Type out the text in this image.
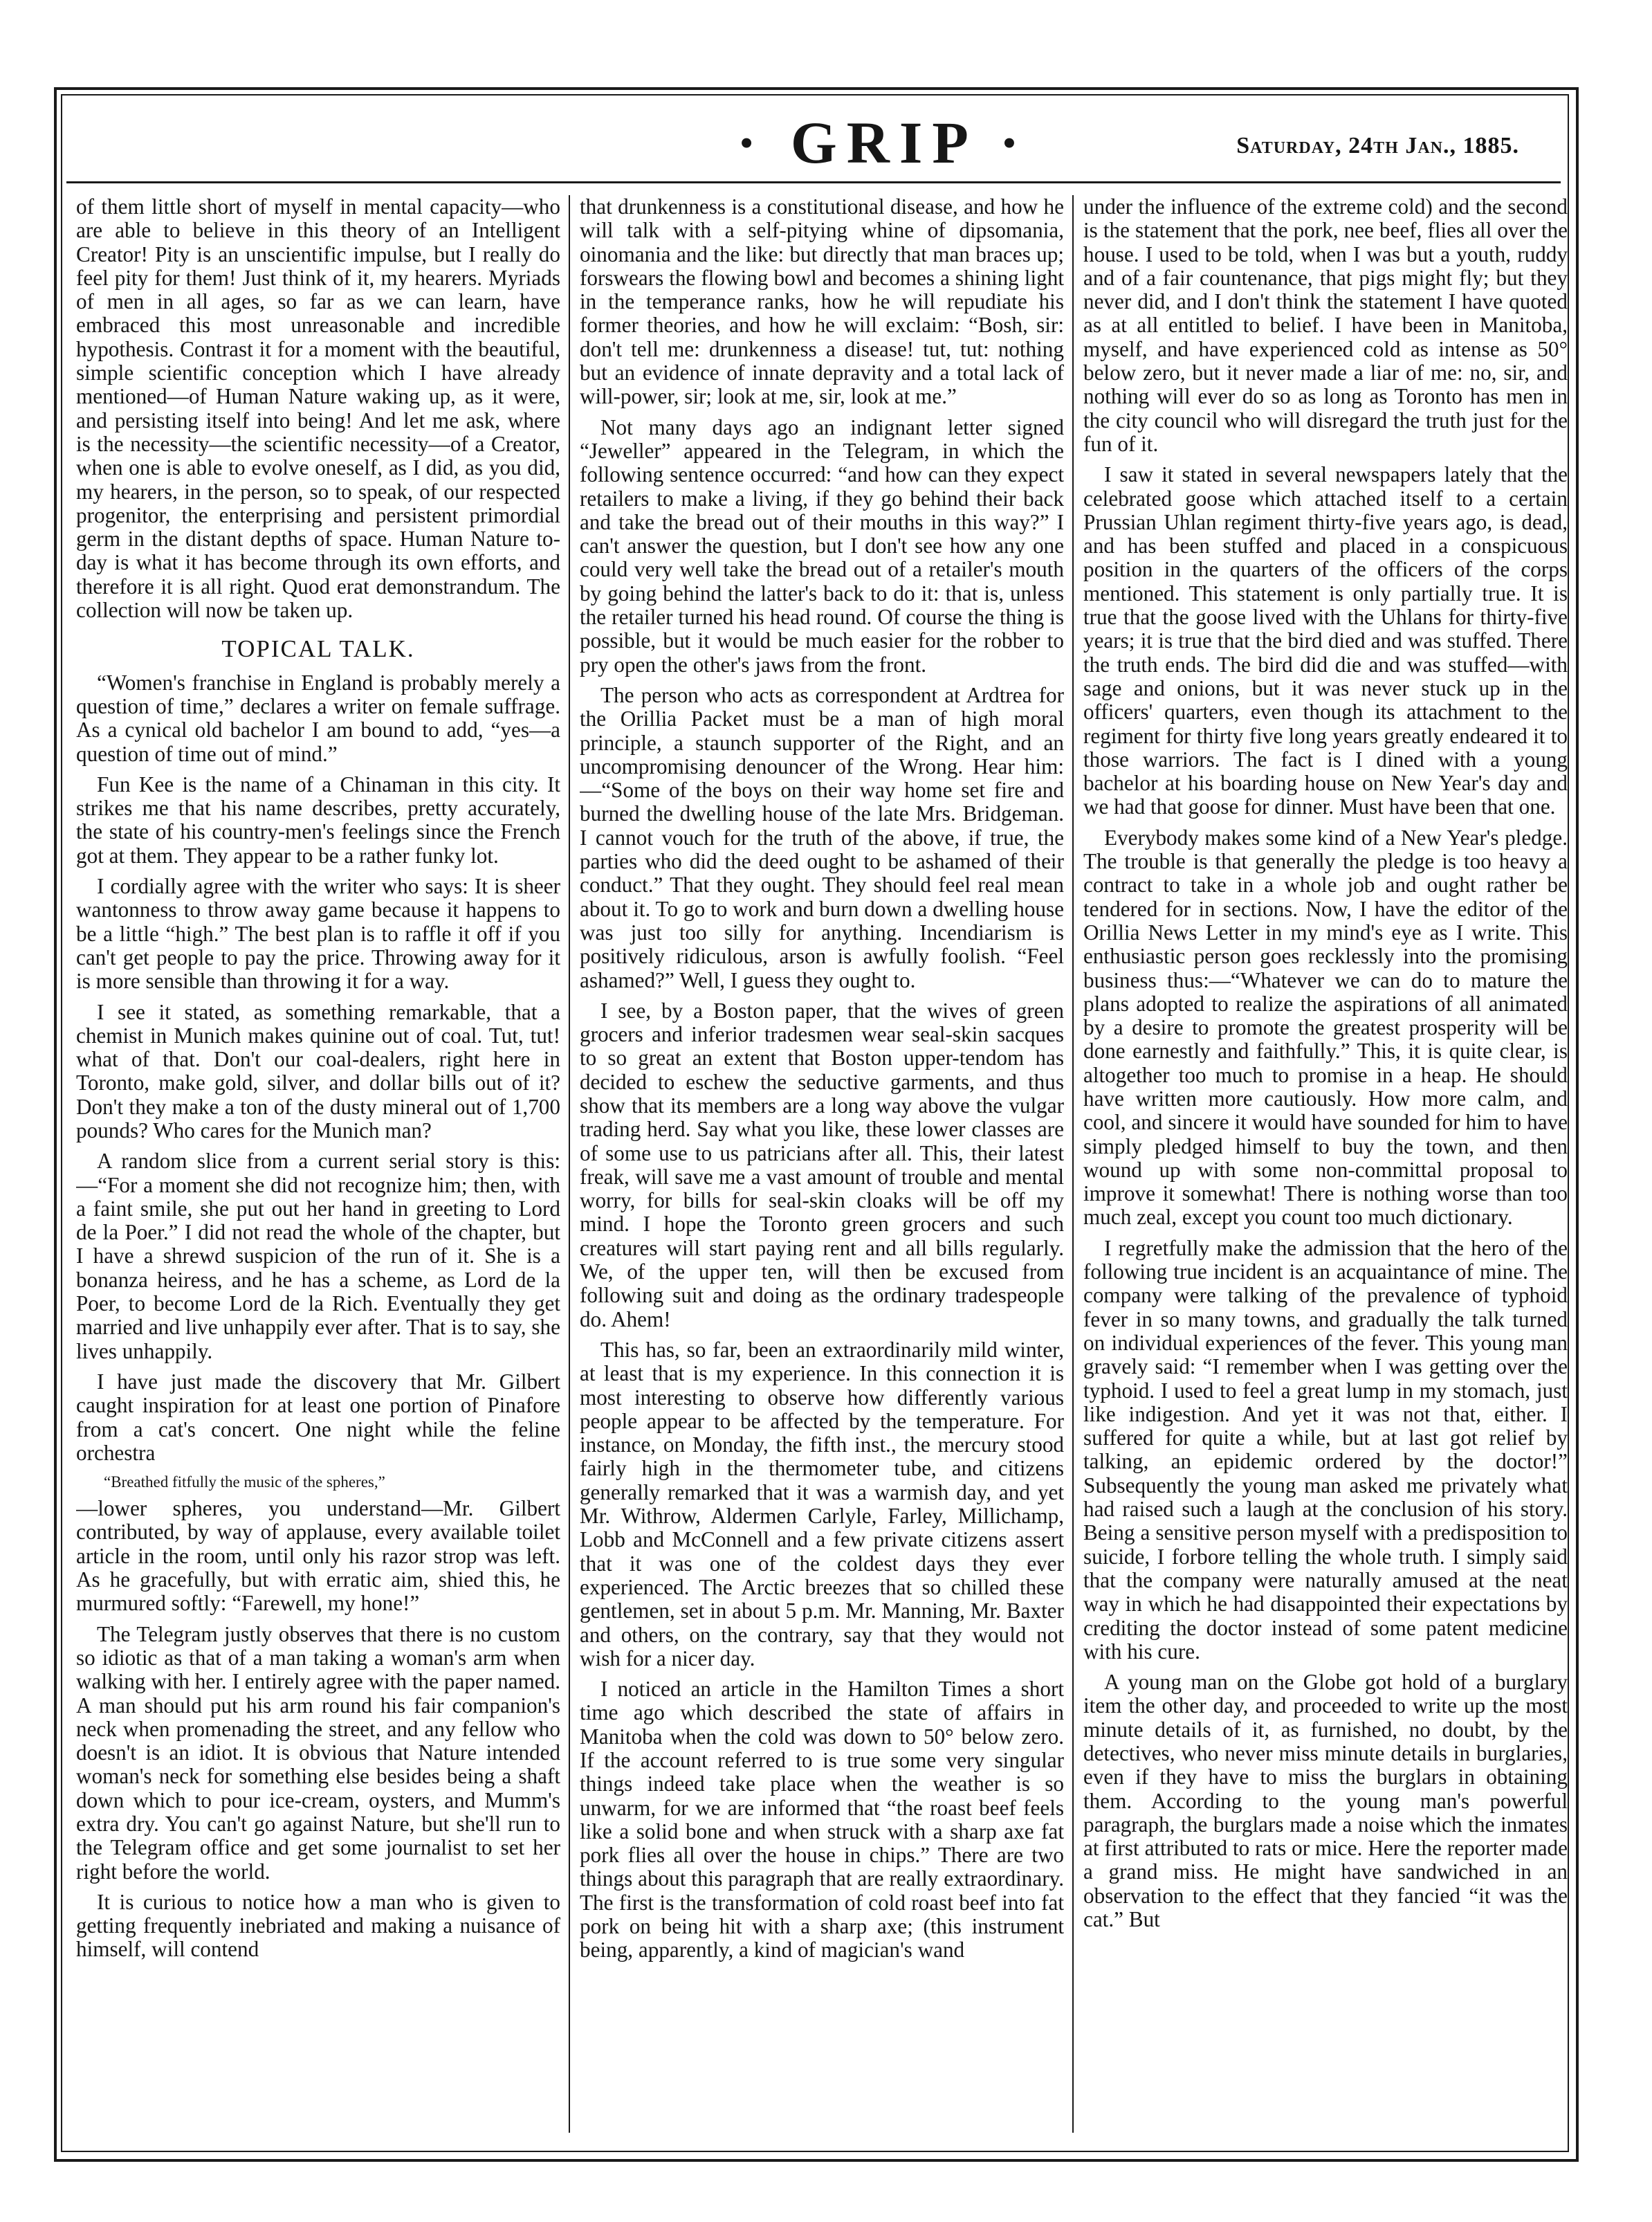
· GRIP ·	Saturday, 24th Jan., 1885.

of them little short of myself in mental capacity—who are able to believe in this theory of an Intelligent Creator! Pity is an unscientific impulse, but I really do feel pity for them! Just think of it, my hearers. Myriads of men in all ages, so far as we can learn, have embraced this most unreasonable and incredible hypothesis. Contrast it for a moment with the beautiful, simple scientific conception which I have already mentioned—of Human Nature waking up, as it were, and persisting itself into being! And let me ask, where is the necessity—the scientific necessity—of a Creator, when one is able to evolve oneself, as I did, as you did, my hearers, in the person, so to speak, of our respected progenitor, the enterprising and persistent primordial germ in the distant depths of space. Human Nature to-day is what it has become through its own efforts, and therefore it is all right. Quod erat demonstrandum. The collection will now be taken up.

TOPICAL TALK.

“Women's franchise in England is probably merely a question of time,” declares a writer on female suffrage. As a cynical old bachelor I am bound to add, “yes—a question of time out of mind.”

Fun Kee is the name of a Chinaman in this city. It strikes me that his name describes, pretty accurately, the state of his country-men's feelings since the French got at them. They appear to be a rather funky lot.

I cordially agree with the writer who says: It is sheer wantonness to throw away game because it happens to be a little “high.” The best plan is to raffle it off if you can't get people to pay the price. Throwing away for it is more sensible than throwing it for a way.

I see it stated, as something remarkable, that a chemist in Munich makes quinine out of coal. Tut, tut! what of that. Don't our coal-dealers, right here in Toronto, make gold, silver, and dollar bills out of it? Don't they make a ton of the dusty mineral out of 1,700 pounds? Who cares for the Munich man?

A random slice from a current serial story is this:—“For a moment she did not recognize him; then, with a faint smile, she put out her hand in greeting to Lord de la Poer.” I did not read the whole of the chapter, but I have a shrewd suspicion of the run of it. She is a bonanza heiress, and he has a scheme, as Lord de la Poer, to become Lord de la Rich. Eventually they get married and live unhappily ever after. That is to say, she lives unhappily.

I have just made the discovery that Mr. Gilbert caught inspiration for at least one portion of Pinafore from a cat's concert. One night while the feline orchestra

“Breathed fitfully the music of the spheres,”

—lower spheres, you understand—Mr. Gilbert contributed, by way of applause, every available toilet article in the room, until only his razor strop was left. As he gracefully, but with erratic aim, shied this, he murmured softly: “Farewell, my hone!”

The Telegram justly observes that there is no custom so idiotic as that of a man taking a woman's arm when walking with her. I entirely agree with the paper named. A man should put his arm round his fair companion's neck when promenading the street, and any fellow who doesn't is an idiot. It is obvious that Nature intended woman's neck for something else besides being a shaft down which to pour ice-cream, oysters, and Mumm's extra dry. You can't go against Nature, but she'll run to the Telegram office and get some journalist to set her right before the world.

It is curious to notice how a man who is given to getting frequently inebriated and making a nuisance of himself, will contend

that drunkenness is a constitutional disease, and how he will talk with a self-pitying whine of dipsomania, oinomania and the like: but directly that man braces up; forswears the flowing bowl and becomes a shining light in the temperance ranks, how he will repudiate his former theories, and how he will exclaim: “Bosh, sir: don't tell me: drunkenness a disease! tut, tut: nothing but an evidence of innate depravity and a total lack of will-power, sir; look at me, sir, look at me.”

Not many days ago an indignant letter signed “Jeweller” appeared in the Telegram, in which the following sentence occurred: “and how can they expect retailers to make a living, if they go behind their back and take the bread out of their mouths in this way?” I can't answer the question, but I don't see how any one could very well take the bread out of a retailer's mouth by going behind the latter's back to do it: that is, unless the retailer turned his head round. Of course the thing is possible, but it would be much easier for the robber to pry open the other's jaws from the front.

The person who acts as correspondent at Ardtrea for the Orillia Packet must be a man of high moral principle, a staunch supporter of the Right, and an uncompromising denouncer of the Wrong. Hear him:—“Some of the boys on their way home set fire and burned the dwelling house of the late Mrs. Bridgeman. I cannot vouch for the truth of the above, if true, the parties who did the deed ought to be ashamed of their conduct.” That they ought. They should feel real mean about it. To go to work and burn down a dwelling house was just too silly for anything. Incendiarism is positively ridiculous, arson is awfully foolish. “Feel ashamed?” Well, I guess they ought to.

I see, by a Boston paper, that the wives of green grocers and inferior tradesmen wear seal-skin sacques to so great an extent that Boston upper-tendom has decided to eschew the seductive garments, and thus show that its members are a long way above the vulgar trading herd. Say what you like, these lower classes are of some use to us patricians after all. This, their latest freak, will save me a vast amount of trouble and mental worry, for bills for seal-skin cloaks will be off my mind. I hope the Toronto green grocers and such creatures will start paying rent and all bills regularly. We, of the upper ten, will then be excused from following suit and doing as the ordinary tradespeople do. Ahem!

This has, so far, been an extraordinarily mild winter, at least that is my experience. In this connection it is most interesting to observe how differently various people appear to be affected by the temperature. For instance, on Monday, the fifth inst., the mercury stood fairly high in the thermometer tube, and citizens generally remarked that it was a warmish day, and yet Mr. Withrow, Aldermen Carlyle, Farley, Millichamp, Lobb and McConnell and a few private citizens assert that it was one of the coldest days they ever experienced. The Arctic breezes that so chilled these gentlemen, set in about 5 p.m. Mr. Manning, Mr. Baxter and others, on the contrary, say that they would not wish for a nicer day.

I noticed an article in the Hamilton Times a short time ago which described the state of affairs in Manitoba when the cold was down to 50° below zero. If the account referred to is true some very singular things indeed take place when the weather is so unwarm, for we are informed that “the roast beef feels like a solid bone and when struck with a sharp axe fat pork flies all over the house in chips.” There are two things about this paragraph that are really extraordinary. The first is the transformation of cold roast beef into fat pork on being hit with a sharp axe; (this instrument being, apparently, a kind of magician's wand

under the influence of the extreme cold) and the second is the statement that the pork, nee beef, flies all over the house. I used to be told, when I was but a youth, ruddy and of a fair countenance, that pigs might fly; but they never did, and I don't think the statement I have quoted as at all entitled to belief. I have been in Manitoba, myself, and have experienced cold as intense as 50° below zero, but it never made a liar of me: no, sir, and nothing will ever do so as long as Toronto has men in the city council who will disregard the truth just for the fun of it.

I saw it stated in several newspapers lately that the celebrated goose which attached itself to a certain Prussian Uhlan regiment thirty-five years ago, is dead, and has been stuffed and placed in a conspicuous position in the quarters of the officers of the corps mentioned. This statement is only partially true. It is true that the goose lived with the Uhlans for thirty-five years; it is true that the bird died and was stuffed. There the truth ends. The bird did die and was stuffed—with sage and onions, but it was never stuck up in the officers' quarters, even though its attachment to the regiment for thirty five long years greatly endeared it to those warriors. The fact is I dined with a young bachelor at his boarding house on New Year's day and we had that goose for dinner. Must have been that one.

Everybody makes some kind of a New Year's pledge. The trouble is that generally the pledge is too heavy a contract to take in a whole job and ought rather be tendered for in sections. Now, I have the editor of the Orillia News Letter in my mind's eye as I write. This enthusiastic person goes recklessly into the promising business thus:—“Whatever we can do to mature the plans adopted to realize the aspirations of all animated by a desire to promote the greatest prosperity will be done earnestly and faithfully.” This, it is quite clear, is altogether too much to promise in a heap. He should have written more cautiously. How more calm, and cool, and sincere it would have sounded for him to have simply pledged himself to buy the town, and then wound up with some non-committal proposal to improve it somewhat! There is nothing worse than too much zeal, except you count too much dictionary.

I regretfully make the admission that the hero of the following true incident is an acquaintance of mine. The company were talking of the prevalence of typhoid fever in so many towns, and gradually the talk turned on individual experiences of the fever. This young man gravely said: “I remember when I was getting over the typhoid. I used to feel a great lump in my stomach, just like indigestion. And yet it was not that, either. I suffered for quite a while, but at last got relief by talking, an epidemic ordered by the doctor!” Subsequently the young man asked me privately what had raised such a laugh at the conclusion of his story. Being a sensitive person myself with a predisposition to suicide, I forbore telling the whole truth. I simply said that the company were naturally amused at the neat way in which he had disappointed their expectations by crediting the doctor instead of some patent medicine with his cure.

A young man on the Globe got hold of a burglary item the other day, and proceeded to write up the most minute details of it, as furnished, no doubt, by the detectives, who never miss minute details in burglaries, even if they have to miss the burglars in obtaining them. According to the young man's powerful paragraph, the burglars made a noise which the inmates at first attributed to rats or mice. Here the reporter made a grand miss. He might have sandwiched in an observation to the effect that they fancied “it was the cat.” But
